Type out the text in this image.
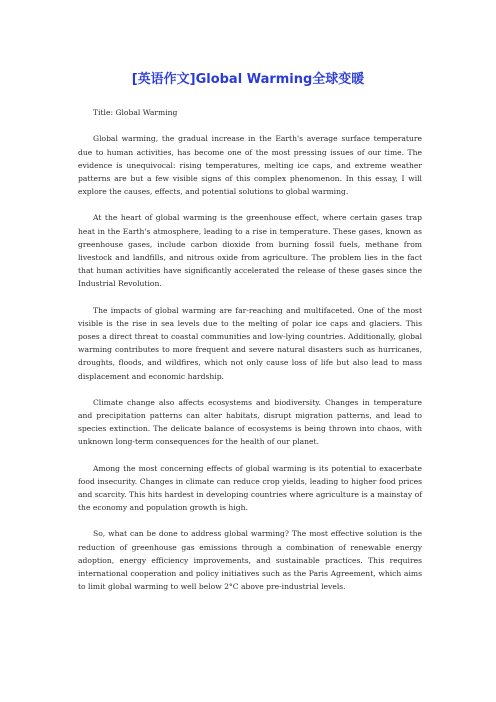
[英语作文]Global Warming全球变暖

Title: Global Warming

Global warming, the gradual increase in the Earth's average surface temperature due to human activities, has become one of the most pressing issues of our time. The evidence is unequivocal: rising temperatures, melting ice caps, and extreme weather patterns are but a few visible signs of this complex phenomenon. In this essay, I will explore the causes, effects, and potential solutions to global warming.

At the heart of global warming is the greenhouse effect, where certain gases trap heat in the Earth's atmosphere, leading to a rise in temperature. These gases, known as greenhouse gases, include carbon dioxide from burning fossil fuels, methane from livestock and landfills, and nitrous oxide from agriculture. The problem lies in the fact that human activities have significantly accelerated the release of these gases since the Industrial Revolution.

The impacts of global warming are far-reaching and multifaceted. One of the most visible is the rise in sea levels due to the melting of polar ice caps and glaciers. This poses a direct threat to coastal communities and low-lying countries. Additionally, global warming contributes to more frequent and severe natural disasters such as hurricanes, droughts, floods, and wildfires, which not only cause loss of life but also lead to mass displacement and economic hardship.

Climate change also affects ecosystems and biodiversity. Changes in temperature and precipitation patterns can alter habitats, disrupt migration patterns, and lead to species extinction. The delicate balance of ecosystems is being thrown into chaos, with unknown long-term consequences for the health of our planet.

Among the most concerning effects of global warming is its potential to exacerbate food insecurity. Changes in climate can reduce crop yields, leading to higher food prices and scarcity. This hits hardest in developing countries where agriculture is a mainstay of the economy and population growth is high.

So, what can be done to address global warming? The most effective solution is the reduction of greenhouse gas emissions through a combination of renewable energy adoption, energy efficiency improvements, and sustainable practices. This requires international cooperation and policy initiatives such as the Paris Agreement, which aims to limit global warming to well below 2°C above pre-industrial levels.
